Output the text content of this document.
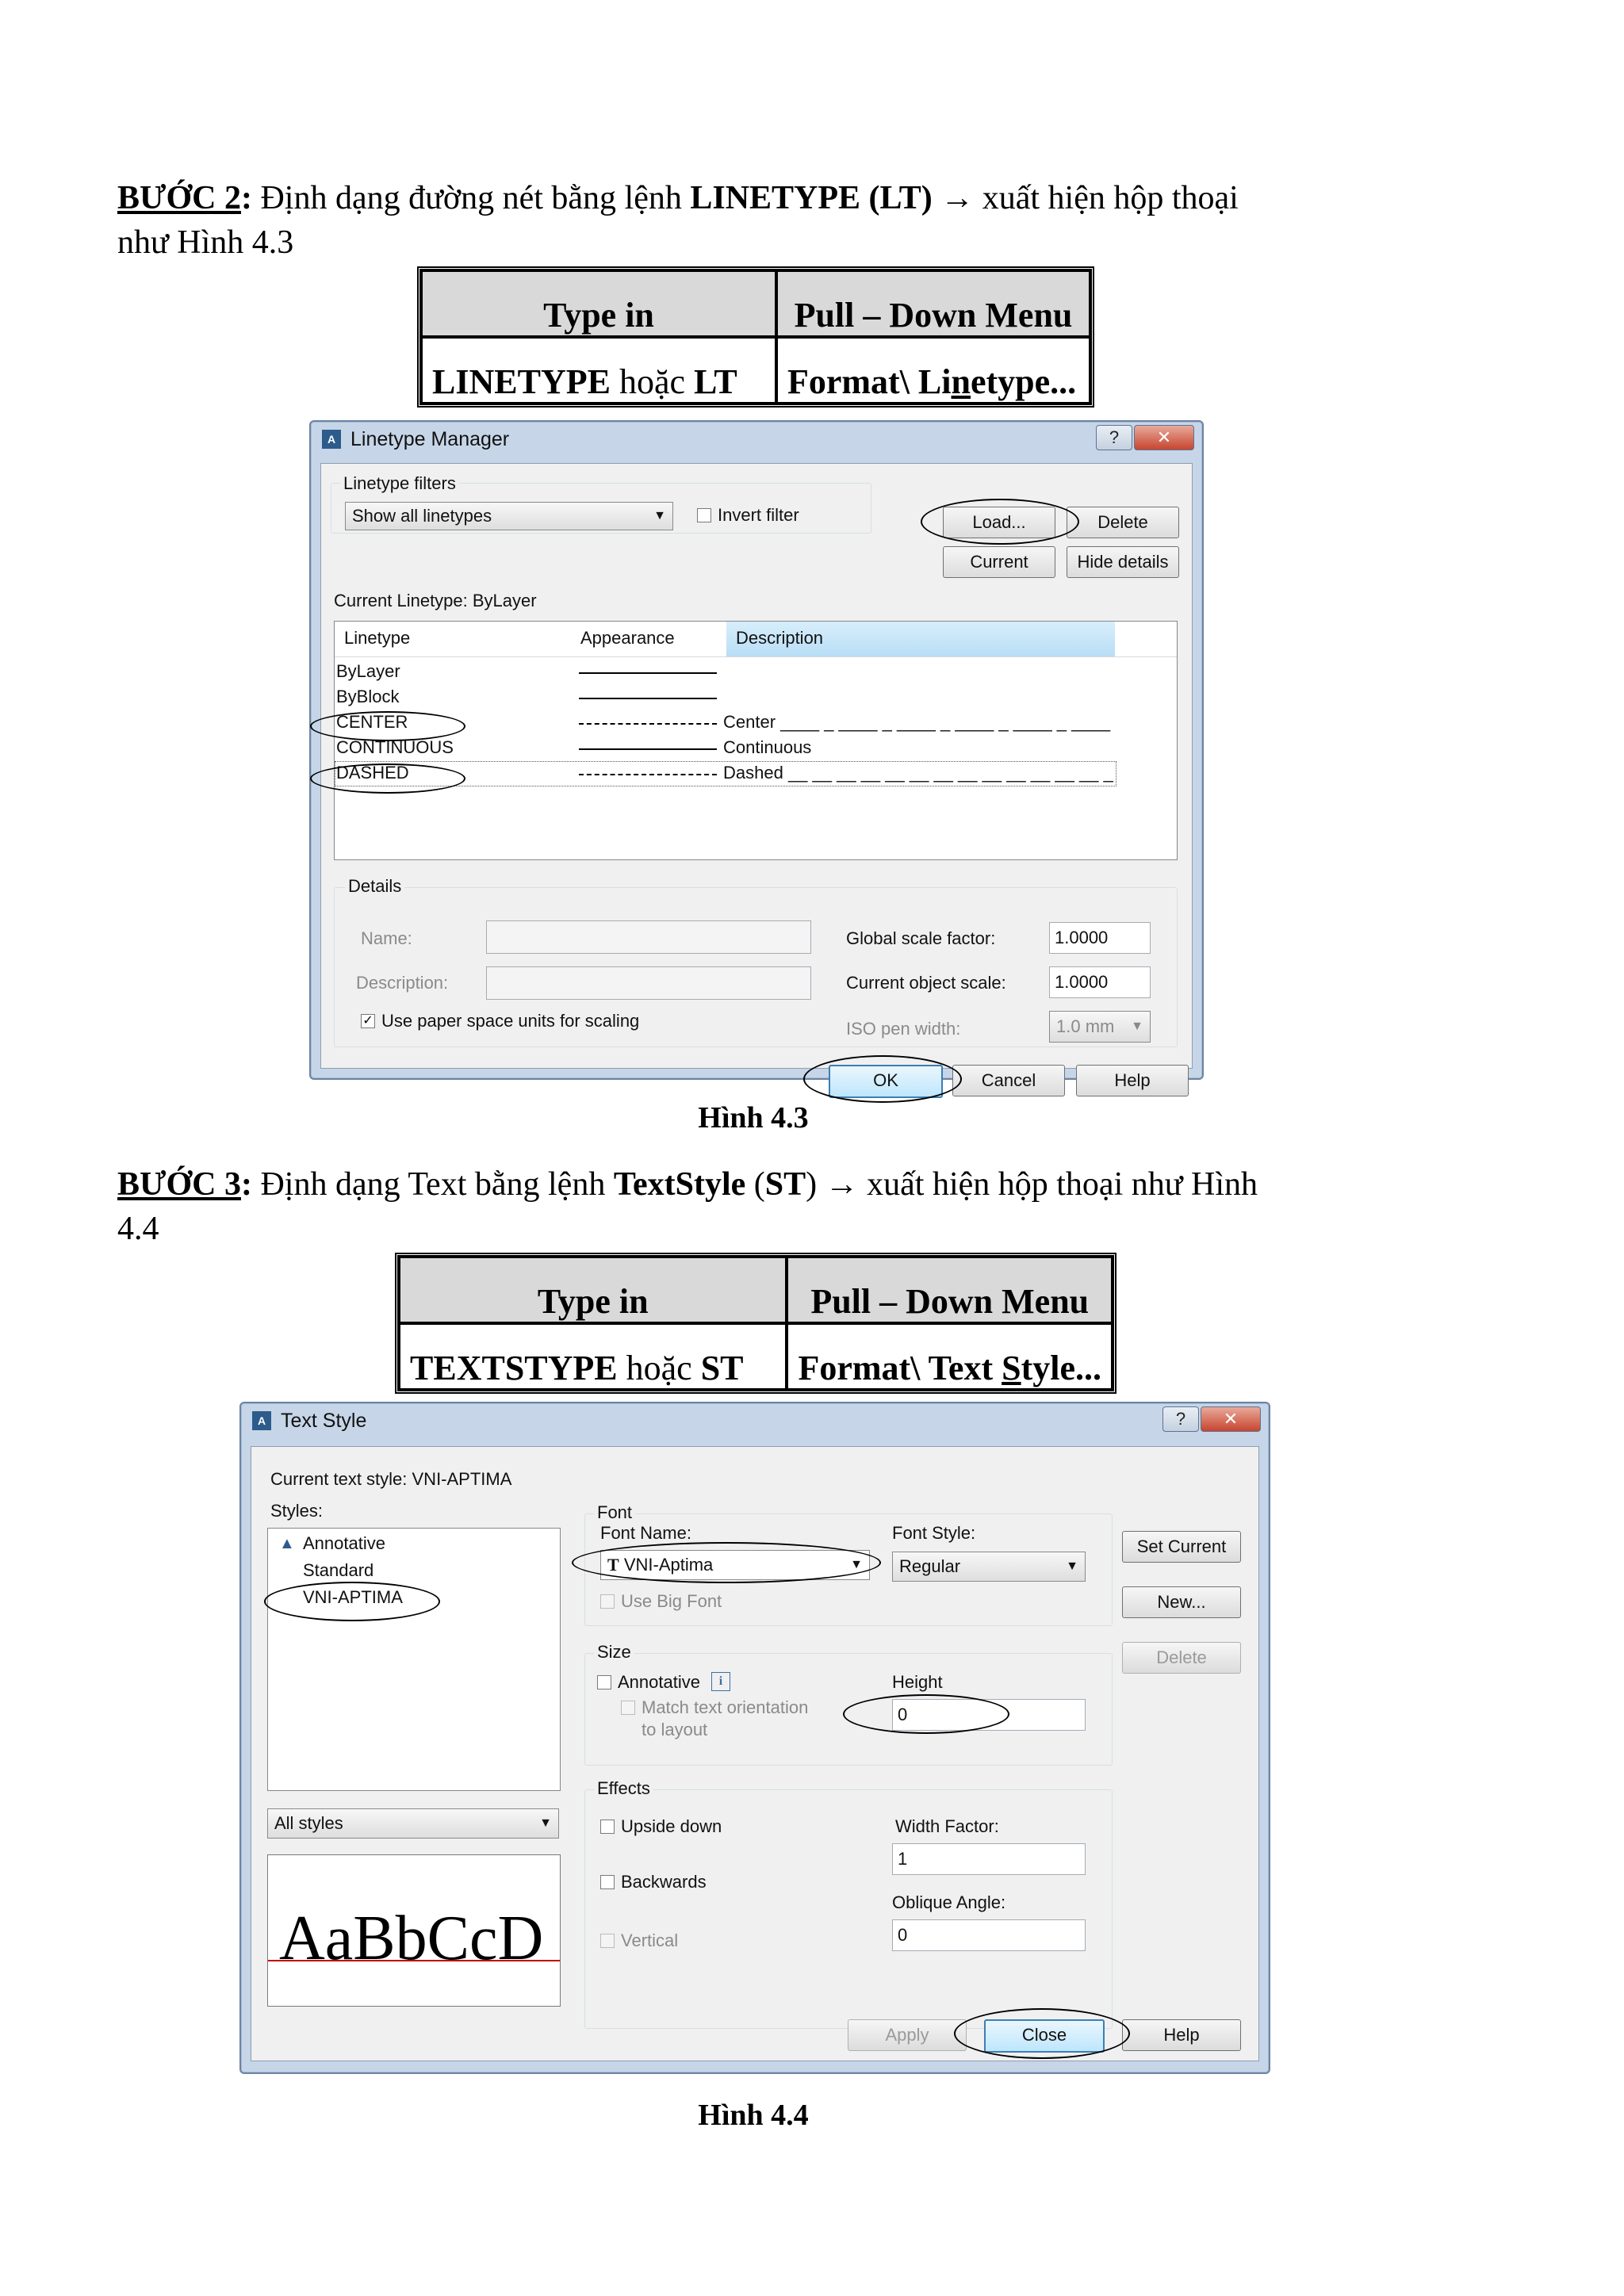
BƯỚC 2: Định dạng đường nét bằng lệnh LINETYPE (LT) → xuất hiện hộp thoại
như Hình 4.3
Type in	Pull – Down Menu
LINETYPE hoặc LT	Format\ Linetype...
A Linetype Manager	?	✕
Linetype filters
Show all linetypes	▼	Invert filter	Load...	Delete
Current	Hide details
Current Linetype: ByLayer
Linetype	Appearance	Description
ByLayer
ByBlock
CENTER	Center ____ _ ____ _ ____ _ ____ _ ____ _ ____
CONTINUOUS	Continuous
DASHED	Dashed __ __ __ __ __ __ __ __ __ __ __ __ __ _
Details
Name:
Description:
✓ Use paper space units for scaling
Global scale factor:	1.0000
Current object scale:	1.0000
ISO pen width:	1.0 mm ▼
OK	Cancel	Help
Hình 4.3
BƯỚC 3: Định dạng Text bằng lệnh TextStyle (ST) → xuất hiện hộp thoại như Hình
4.4
Type in	Pull – Down Menu
TEXTSTYPE hoặc ST	Format\ Text Style...
A Text Style	?	✕
Current text style: VNI-APTIMA
Styles:
▲ Annotative
Standard
VNI-APTIMA
All styles	▼
AaBbCcD
Font
Font Name:
T VNI-Aptima	▼
Font Style:
Regular	▼
Use Big Font
Size
Annotative	i
Match text orientation
to layout
Height
0
Effects
Upside down
Backwards
Vertical
Width Factor:
1
Oblique Angle:
0
Set Current
New...
Delete
Apply	Close	Help
Hình 4.4
